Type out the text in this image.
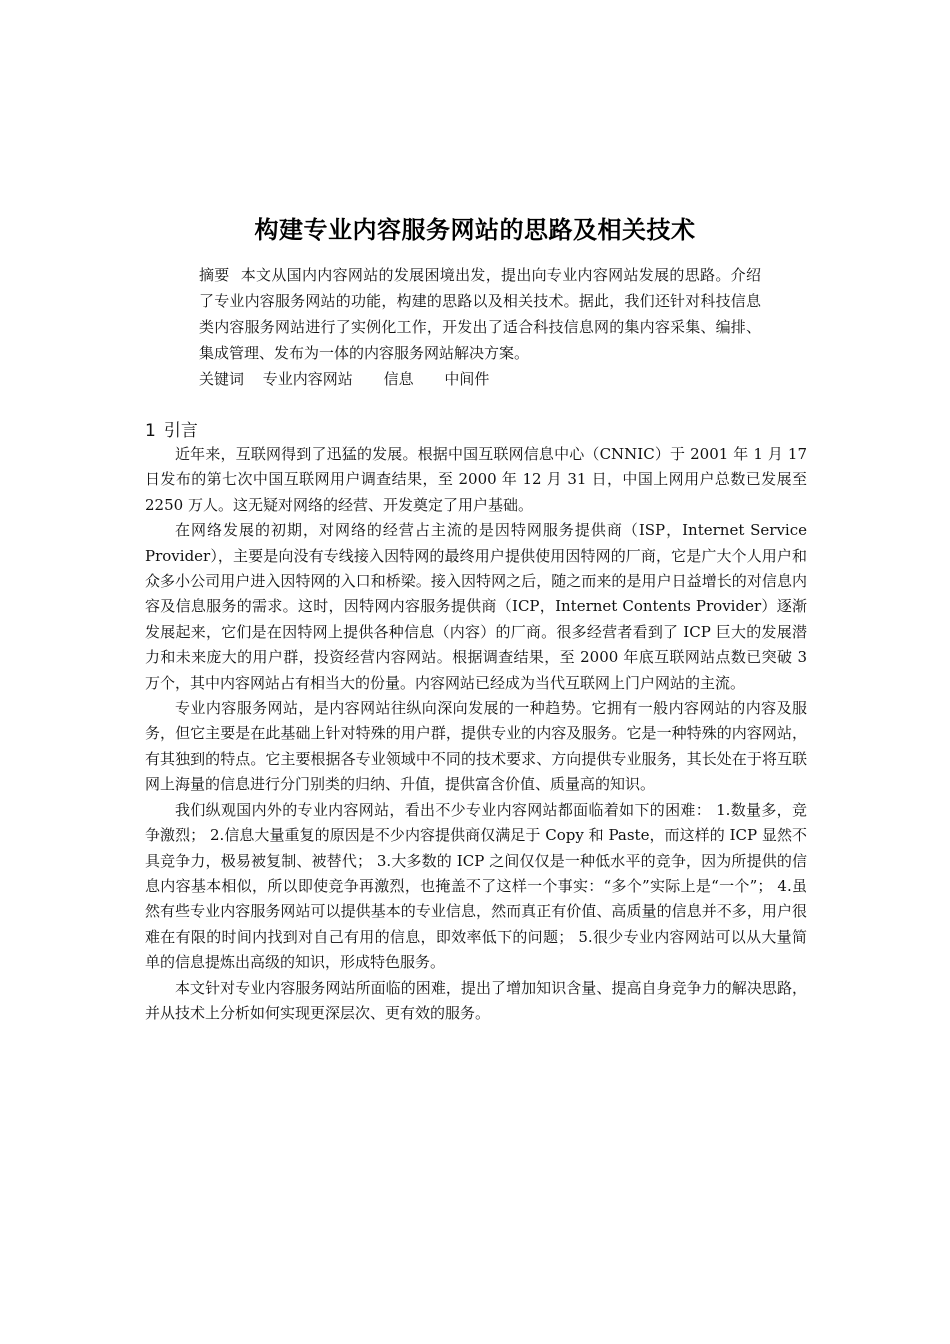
构建专业内容服务网站的思路及相关技术
摘要 本文从国内内容网站的发展困境出发，提出向专业内容网站发展的思路。介绍了专业内容服务网站的功能，构建的思路以及相关技术。据此，我们还针对科技信息类内容服务网站进行了实例化工作，开发出了适合科技信息网的集内容采集、编排、集成管理、发布为一体的内容服务网站解决方案。
关键词 专业内容网站 信息 中间件
1 引言

近年来，互联网得到了迅猛的发展。根据中国互联网信息中心（CNNIC）于 2001 年 1 月 17 日发布的第七次中国互联网用户调查结果，至 2000 年 12 月 31 日，中国上网用户总数已发展至 2250 万人。这无疑对网络的经营、开发奠定了用户基础。

在网络发展的初期，对网络的经营占主流的是因特网服务提供商（ISP，Internet Service Provider），主要是向没有专线接入因特网的最终用户提供使用因特网的厂商，它是广大个人用户和众多小公司用户进入因特网的入口和桥梁。接入因特网之后，随之而来的是用户日益增长的对信息内容及信息服务的需求。这时，因特网内容服务提供商（ICP，Internet Contents Provider）逐渐发展起来，它们是在因特网上提供各种信息（内容）的厂商。很多经营者看到了 ICP 巨大的发展潜力和未来庞大的用户群，投资经营内容网站。根据调查结果，至 2000 年底互联网站点数已突破 3 万个，其中内容网站占有相当大的份量。内容网站已经成为当代互联网上门户网站的主流。

专业内容服务网站，是内容网站往纵向深向发展的一种趋势。它拥有一般内容网站的内容及服务，但它主要是在此基础上针对特殊的用户群，提供专业的内容及服务。它是一种特殊的内容网站，有其独到的特点。它主要根据各专业领域中不同的技术要求、方向提供专业服务，其长处在于将互联网上海量的信息进行分门别类的归纳、升值，提供富含价值、质量高的知识。

我们纵观国内外的专业内容网站，看出不少专业内容网站都面临着如下的困难： 1.数量多，竞争激烈； 2.信息大量重复的原因是不少内容提供商仅满足于 Copy 和 Paste，而这样的 ICP 显然不具竞争力，极易被复制、被替代； 3.大多数的 ICP 之间仅仅是一种低水平的竞争，因为所提供的信息内容基本相似，所以即使竞争再激烈，也掩盖不了这样一个事实：“多个”实际上是“一个”； 4.虽然有些专业内容服务网站可以提供基本的专业信息，然而真正有价值、高质量的信息并不多，用户很难在有限的时间内找到对自己有用的信息，即效率低下的问题； 5.很少专业内容网站可以从大量简单的信息提炼出高级的知识，形成特色服务。

本文针对专业内容服务网站所面临的困难，提出了增加知识含量、提高自身竞争力的解决思路，并从技术上分析如何实现更深层次、更有效的服务。
